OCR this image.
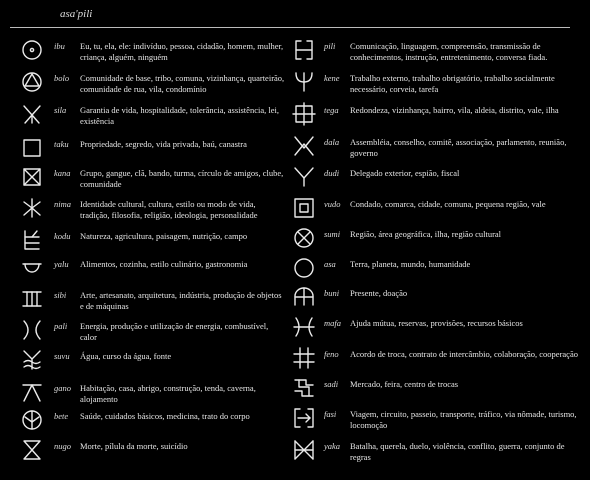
asa'pili
ibu	Eu, tu, ela, ele: indivíduo, pessoa, cidadão, homem, mulher, criança, alguém, ninguém
bolo	Comunidade de base, tribo, comuna, vizinhança, quarteirão, comunidade de rua, vila, condomínio
sila	Garantia de vida, hospitalidade, tolerância, assistência, lei, existência
taku	Propriedade, segredo, vida privada, baú, canastra
kana	Grupo, gangue, clã, bando, turma, círculo de amigos, clube, comunidade
nima	Identidade cultural, cultura, estilo ou modo de vida, tradição, filosofia, religião, ideologia, personalidade
kodu	Natureza, agricultura, paisagem, nutrição, campo
yalu	Alimentos, cozinha, estilo culinário, gastronomia
sibi	Arte, artesanato, arquitetura, indústria, produção de objetos e de máquinas
pali	Energia, produção e utilização de energia, combustível, calor
suvu	Água, curso da água, fonte
gano	Habitação, casa, abrigo, construção, tenda, caverna, alojamento
bete	Saúde, cuidados básicos, medicina, trato do corpo
nugo	Morte, pílula da morte, suicídio
pili	Comunicação, linguagem, compreensão, transmissão de conhecimentos, instrução, entretenimento, conversa fiada.
kene	Trabalho externo, trabalho obrigatório, trabalho socialmente necessário, corveia, tarefa
tega	Redondeza, vizinhança, bairro, vila, aldeia, distrito, vale, ilha
dala	Assembléia, conselho, comitê, associação, parlamento, reunião, governo
dudi	Delegado exterior, espião, fiscal
vudo	Condado, comarca, cidade, comuna, pequena região, vale
sumi	Região, área geográfica, ilha, região cultural
asa	Terra, planeta, mundo, humanidade
buni	Presente, doação
mafa	Ajuda mútua, reservas, provisões, recursos básicos
feno	Acordo de troca, contrato de intercâmbio, colaboração, cooperação
sadi	Mercado, feira, centro de trocas
fasi	Viagem, circuito, passeio, transporte, tráfico, via nômade, turismo, locomoção
yaka	Batalha, querela, duelo, violência, conflito, guerra, conjunto de regras
